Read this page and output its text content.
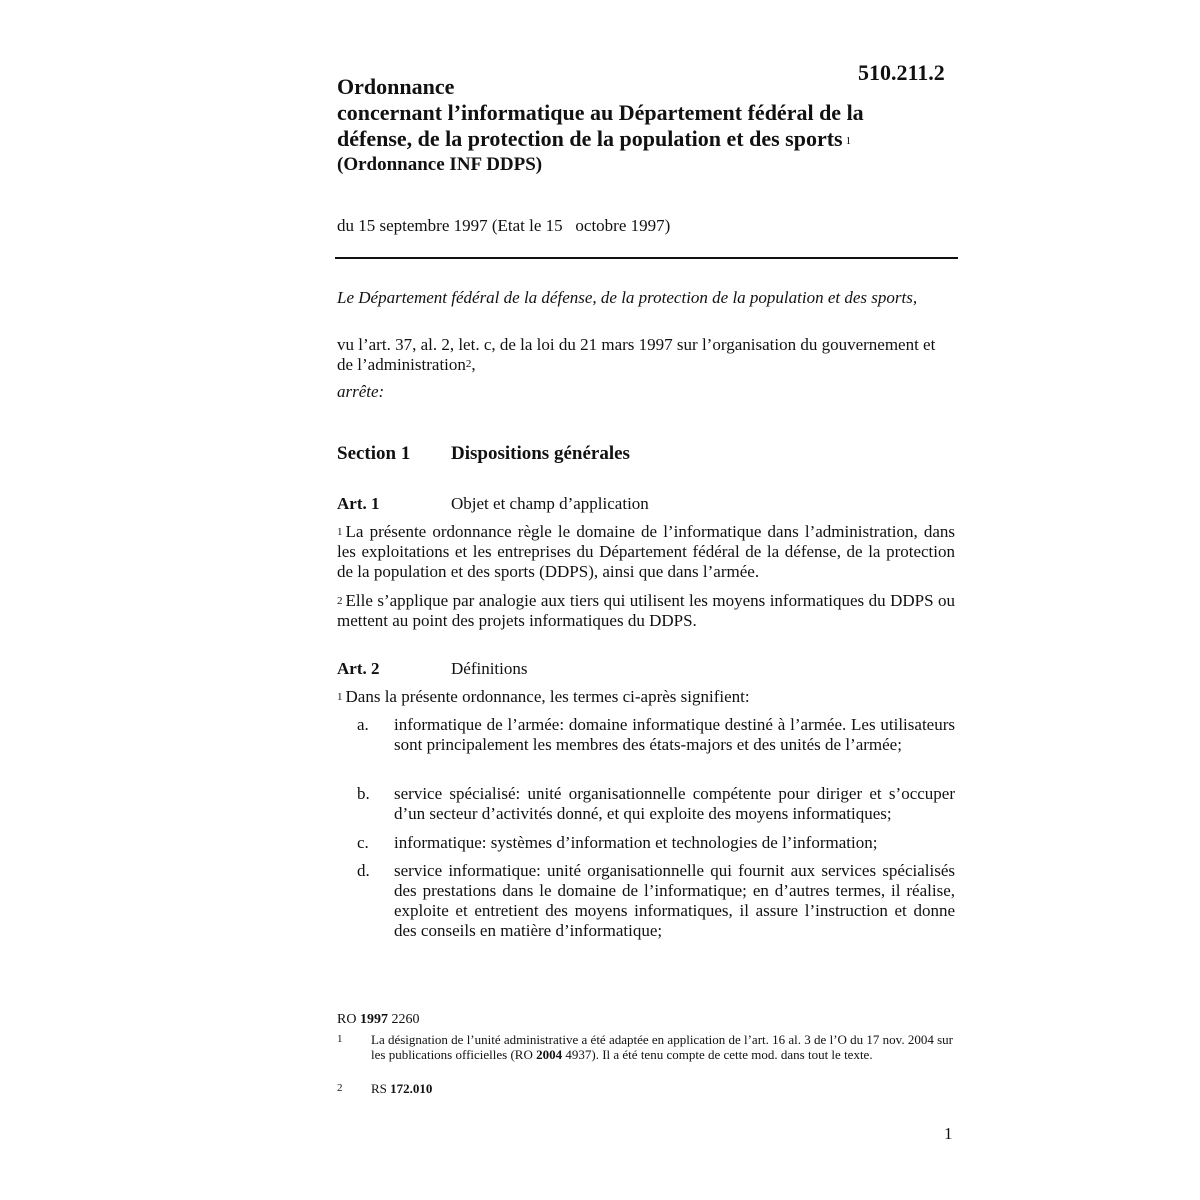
510.211.2
Ordonnance
concernant l’informatique au Département fédéral de la
défense, de la protection de la population et des sports $^1$
(Ordonnance INF DDPS)
du 15 septembre 1997 (Etat le 15   octobre 1997)
Le Département fédéral de la défense, de la protection de la population et des sports,
vu l’art. 37, al. 2, let. c, de la loi du 21 mars 1997 sur l’organisation du gouvernement et de l’administration$^2$,
arrête:
Section 1 Dispositions générales
Art. 1	Objet et champ d’application
$^1$ La présente ordonnance règle le domaine de l’informatique dans l’administration, dans les exploitations et les entreprises du Département fédéral de la défense, de la protection de la population et des sports (DDPS), ainsi que dans l’armée.
$^2$ Elle s’applique par analogie aux tiers qui utilisent les moyens informatiques du DDPS ou mettent au point des projets informatiques du DDPS.
Art. 2	Définitions
$^1$ Dans la présente ordonnance, les termes ci-après signifient:
a. informatique de l’armée: domaine informatique destiné à l’armée. Les utilisateurs sont principalement les membres des états-majors et des unités de l’armée;
b. service spécialisé: unité organisationnelle compétente pour diriger et s’occuper d’un secteur d’activités donné, et qui exploite des moyens informatiques;
c. informatique: systèmes d’information et technologies de l’information;
d. service informatique: unité organisationnelle qui fournit aux services spécialisés des prestations dans le domaine de l’informatique; en d’autres termes, il réalise, exploite et entretient des moyens informatiques, il assure l’instruction et donne des conseils en matière d’informatique;
RO 1997 2260
1 La désignation de l’unité administrative a été adaptée en application de l’art. 16 al. 3 de l’O du 17 nov. 2004 sur les publications officielles (RO 2004 4937). Il a été tenu compte de cette mod. dans tout le texte.
2 RS 172.010
1
